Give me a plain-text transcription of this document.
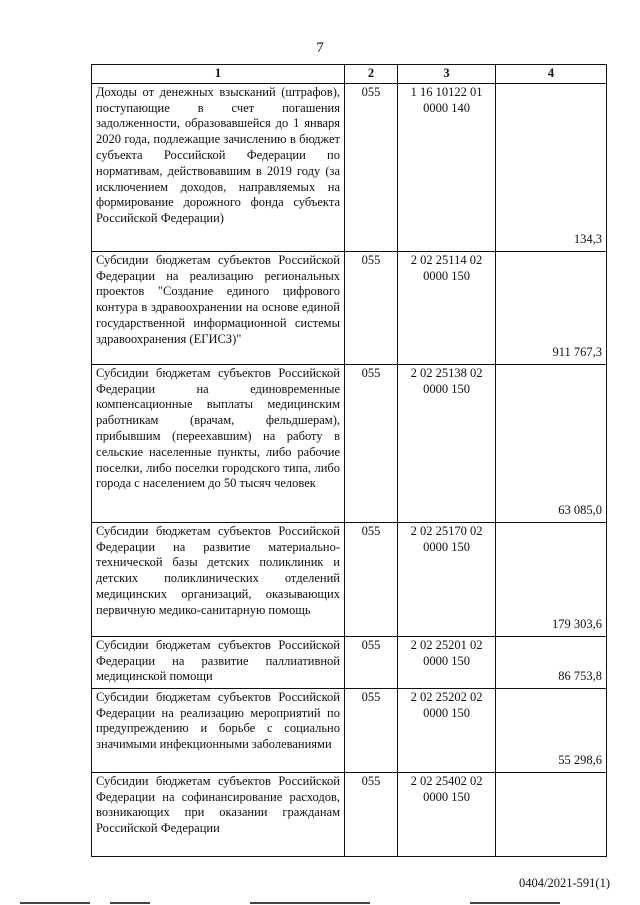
7
1	2	3	4
Доходы от денежных взысканий (штрафов), поступающие в счет погашения задолженности, образовавшейся до 1 января 2020 года, подлежащие зачислению в бюджет субъекта Российской Федерации по нормативам, действовавшим в 2019 году (за исключением доходов, направляемых на формирование дорожного фонда субъекта Российской Федерации)	055	1 16 10122 01 0000 140	134,3
Субсидии бюджетам субъектов Российской Федерации на реализацию региональных проектов "Создание единого цифрового контура в здравоохранении на основе единой государственной информационной системы здравоохранения (ЕГИСЗ)"	055	2 02 25114 02 0000 150	911 767,3
Субсидии бюджетам субъектов Российской Федерации на единовременные компенсационные выплаты медицинским работникам (врачам, фельдшерам), прибывшим (переехавшим) на работу в сельские населенные пункты, либо рабочие поселки, либо поселки городского типа, либо города с населением до 50 тысяч человек	055	2 02 25138 02 0000 150	63 085,0
Субсидии бюджетам субъектов Российской Федерации на развитие материально-технической базы детских поликлиник и детских поликлинических отделений медицинских организаций, оказывающих первичную медико-санитарную помощь	055	2 02 25170 02 0000 150	179 303,6
Субсидии бюджетам субъектов Российской Федерации на развитие паллиативной медицинской помощи	055	2 02 25201 02 0000 150	86 753,8
Субсидии бюджетам субъектов Российской Федерации на реализацию мероприятий по предупреждению и борьбе с социально значимыми инфекционными заболеваниями	055	2 02 25202 02 0000 150	55 298,6
Субсидии бюджетам субъектов Российской Федерации на софинансирование расходов, возникающих при оказании гражданам Российской Федерации	055	2 02 25402 02 0000 150	
0404/2021-591(1)
